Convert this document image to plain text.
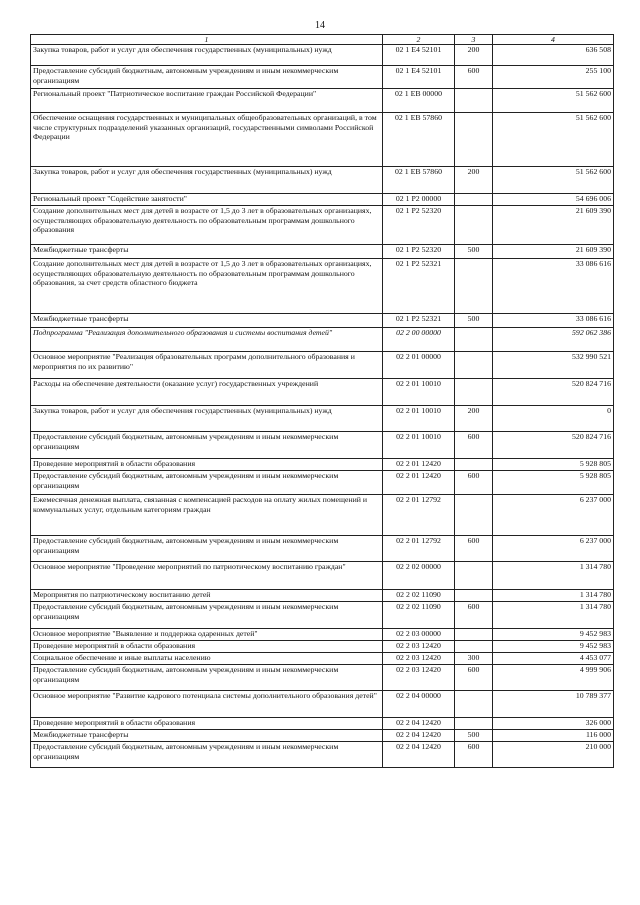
14
1	2	3	4
Закупка товаров, работ и услуг для обеспечения государственных (муниципальных) нужд	02 1 E4 52101	200	636 508
Предоставление субсидий бюджетным, автономным учреждениям и иным некоммерческим организациям	02 1 E4 52101	600	255 100
Региональный проект "Патриотическое воспитание граждан Российской Федерации"	02 1 EB 00000		51 562 600
Обеспечение оснащения государственных и муниципальных общеобразовательных организаций, в том числе структурных подразделений указанных организаций, государственными символами Российской Федерации	02 1 EB 57860		51 562 600
Закупка товаров, работ и услуг для обеспечения государственных (муниципальных) нужд	02 1 EB 57860	200	51 562 600
Региональный проект "Содействие занятости"	02 1 P2 00000		54 696 006
Создание дополнительных мест для детей в возрасте от 1,5 до 3 лет в образовательных организациях, осуществляющих образовательную деятельность по образовательным программам дошкольного образования	02 1 P2 52320		21 609 390
Межбюджетные трансферты	02 1 P2 52320	500	21 609 390
Создание дополнительных мест для детей в возрасте от 1,5 до 3 лет в образовательных организациях, осуществляющих образовательную деятельность по образовательным программам дошкольного образования, за счет средств областного бюджета	02 1 P2 52321		33 086 616
Межбюджетные трансферты	02 1 P2 52321	500	33 086 616
Подпрограмма "Реализация дополнительного образования и системы воспитания детей"	02 2 00 00000		592 062 386
Основное мероприятие "Реализация образовательных программ дополнительного образования и мероприятия по их развитию"	02 2 01 00000		532 990 521
Расходы на обеспечение деятельности (оказание услуг) государственных учреждений	02 2 01 10010		520 824 716
Закупка товаров, работ и услуг для обеспечения государственных (муниципальных) нужд	02 2 01 10010	200	0
Предоставление субсидий бюджетным, автономным учреждениям и иным некоммерческим организациям	02 2 01 10010	600	520 824 716
Проведение мероприятий в области образования	02 2 01 12420		5 928 805
Предоставление субсидий бюджетным, автономным учреждениям и иным некоммерческим организациям	02 2 01 12420	600	5 928 805
Ежемесячная денежная выплата, связанная с компенсацией расходов на оплату жилых помещений и коммунальных услуг, отдельным категориям граждан	02 2 01 12792		6 237 000
Предоставление субсидий бюджетным, автономным учреждениям и иным некоммерческим организациям	02 2 01 12792	600	6 237 000
Основное мероприятие "Проведение мероприятий по патриотическому воспитанию граждан"	02 2 02 00000		1 314 780
Мероприятия по патриотическому воспитанию детей	02 2 02 11090		1 314 780
Предоставление субсидий бюджетным, автономным учреждениям и иным некоммерческим организациям	02 2 02 11090	600	1 314 780
Основное мероприятие "Выявление и поддержка одаренных детей"	02 2 03 00000		9 452 983
Проведение мероприятий в области образования	02 2 03 12420		9 452 983
Социальное обеспечение и иные выплаты населению	02 2 03 12420	300	4 453 077
Предоставление субсидий бюджетным, автономным учреждениям и иным некоммерческим организациям	02 2 03 12420	600	4 999 906
Основное мероприятие "Развитие кадрового потенциала системы дополнительного образования детей"	02 2 04 00000		10 789 377
Проведение мероприятий в области образования	02 2 04 12420		326 000
Межбюджетные трансферты	02 2 04 12420	500	116 000
Предоставление субсидий бюджетным, автономным учреждениям и иным некоммерческим организациям	02 2 04 12420	600	210 000
